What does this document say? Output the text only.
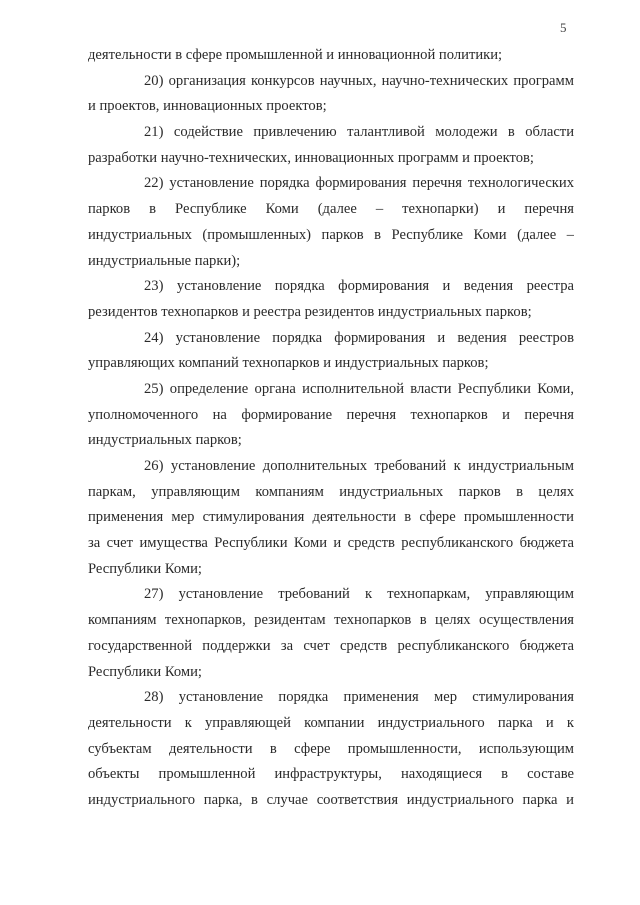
5
деятельности в сфере промышленной и инновационной политики;
20) организация конкурсов научных, научно-технических программ
и проектов, инновационных проектов;
21) содействие привлечению талантливой молодежи в области
разработки научно-технических, инновационных программ и проектов;
22) установление порядка формирования перечня технологических
парков в Республике Коми (далее – технопарки) и перечня
индустриальных (промышленных) парков в Республике Коми (далее –
индустриальные парки);
23) установление порядка формирования и ведения реестра
резидентов технопарков и реестра резидентов индустриальных парков;
24) установление порядка формирования и ведения реестров
управляющих компаний технопарков и индустриальных парков;
25) определение органа исполнительной власти Республики Коми,
уполномоченного на формирование перечня технопарков и перечня
индустриальных парков;
26) установление дополнительных требований к индустриальным
паркам, управляющим компаниям индустриальных парков в целях
применения мер стимулирования деятельности в сфере промышленности
за счет имущества Республики Коми и средств республиканского бюджета
Республики Коми;
27) установление требований к технопаркам, управляющим
компаниям технопарков, резидентам технопарков в целях осуществления
государственной поддержки за счет средств республиканского бюджета
Республики Коми;
28) установление порядка применения мер стимулирования
деятельности к управляющей компании индустриального парка и к
субъектам деятельности в сфере промышленности, использующим
объекты промышленной инфраструктуры, находящиеся в составе
индустриального парка, в случае соответствия индустриального парка и
